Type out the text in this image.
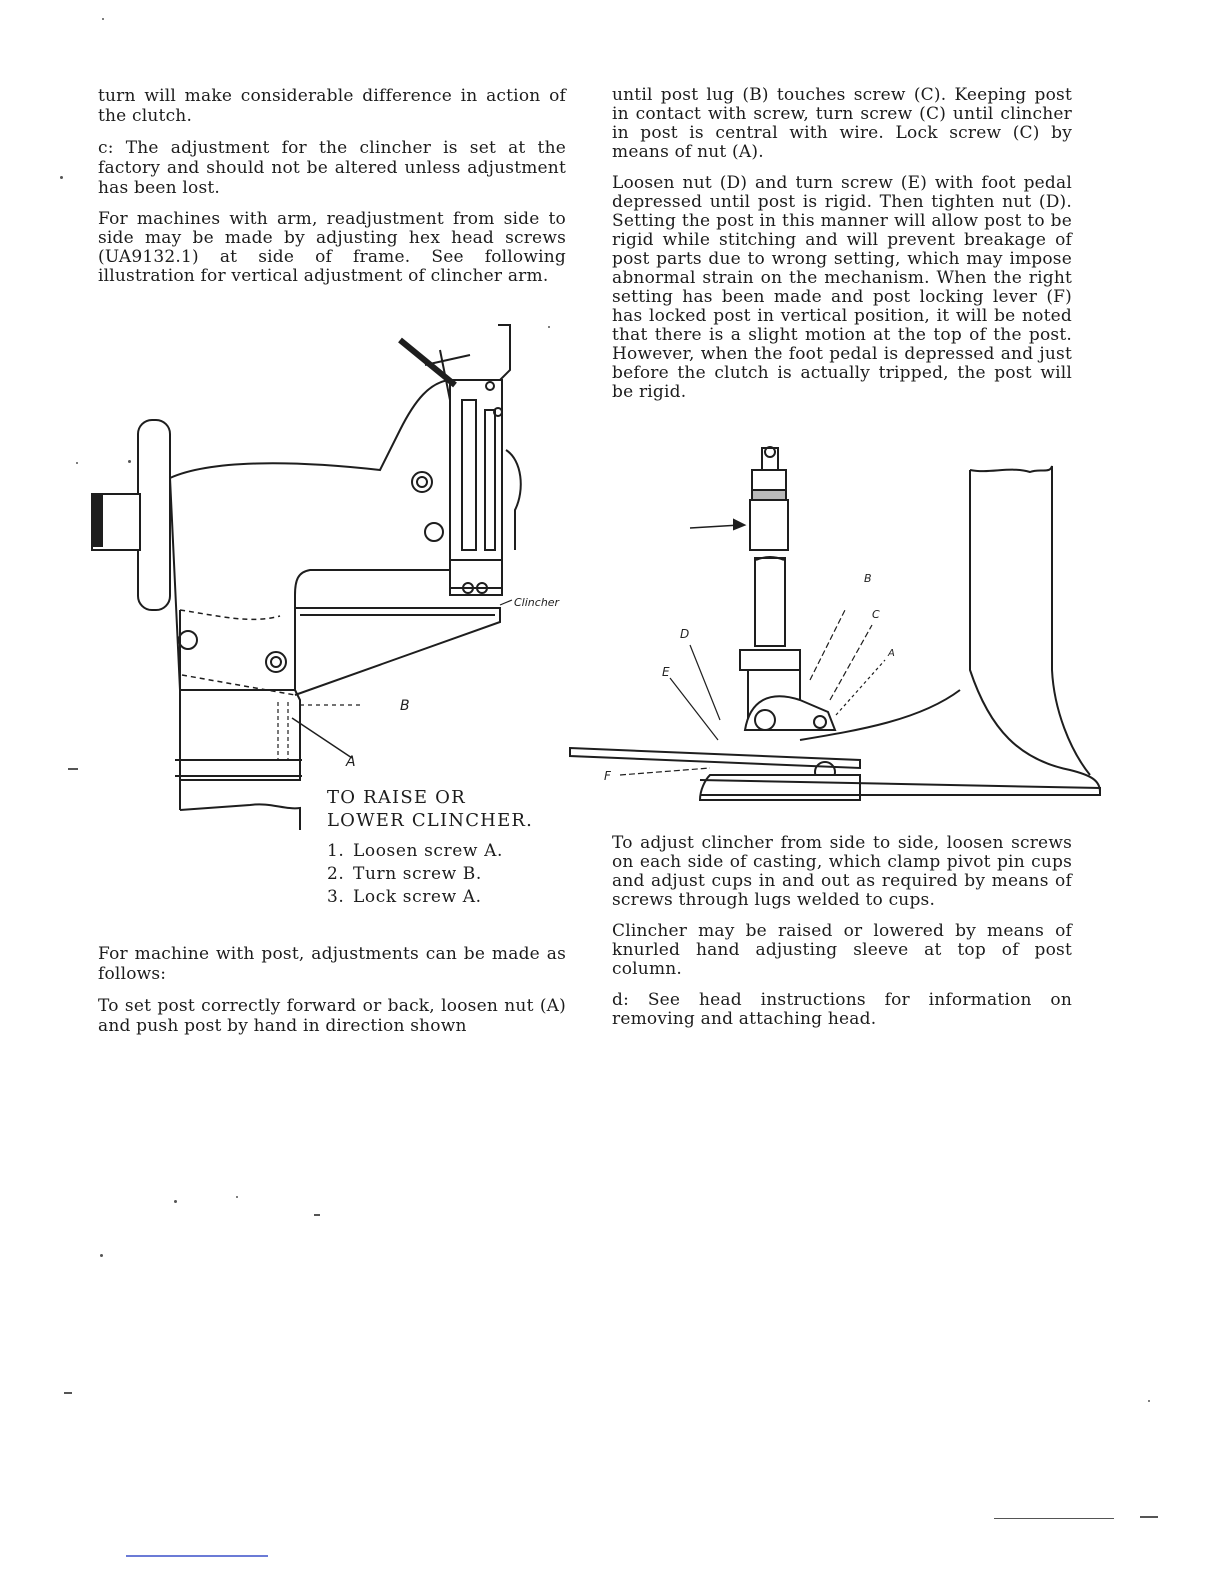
turn will make considerable difference in action of the clutch.

c: The adjustment for the clincher is set at the factory and should not be altered unless adjustment has been lost.

For machines with arm, readjustment from side to side may be made by adjusting hex head screws (UA9132.1) at side of frame. See following illustration for vertical adjustment of clincher arm.

until post lug (B) touches screw (C). Keeping post in contact with screw, turn screw (C) until clincher in post is central with wire. Lock screw (C) by means of nut (A).

Loosen nut (D) and turn screw (E) with foot pedal depressed until post is rigid. Then tighten nut (D). Setting the post in this manner will allow post to be rigid while stitching and will prevent breakage of post parts due to wrong setting, which may impose abnormal strain on the mechanism. When the right setting has been made and post locking lever (F) has locked post in vertical position, it will be noted that there is a slight motion at the top of the post. However, when the foot pedal is depressed and just before the clutch is actually tripped, the post will be rigid.

Clincher
A
B
TO RAISE OR
LOWER CLINCHER.
1. Loosen screw A.
2. Turn screw B.
3. Lock screw A.

For machine with post, adjustments can be made as follows:

To set post correctly forward or back, loosen nut (A) and push post by hand in direction shown

B
C
D
A
E
F

To adjust clincher from side to side, loosen screws on each side of casting, which clamp pivot pin cups and adjust cups in and out as required by means of screws through lugs welded to cups.

Clincher may be raised or lowered by means of knurled hand adjusting sleeve at top of post column.

d: See head instructions for information on removing and attaching head.
